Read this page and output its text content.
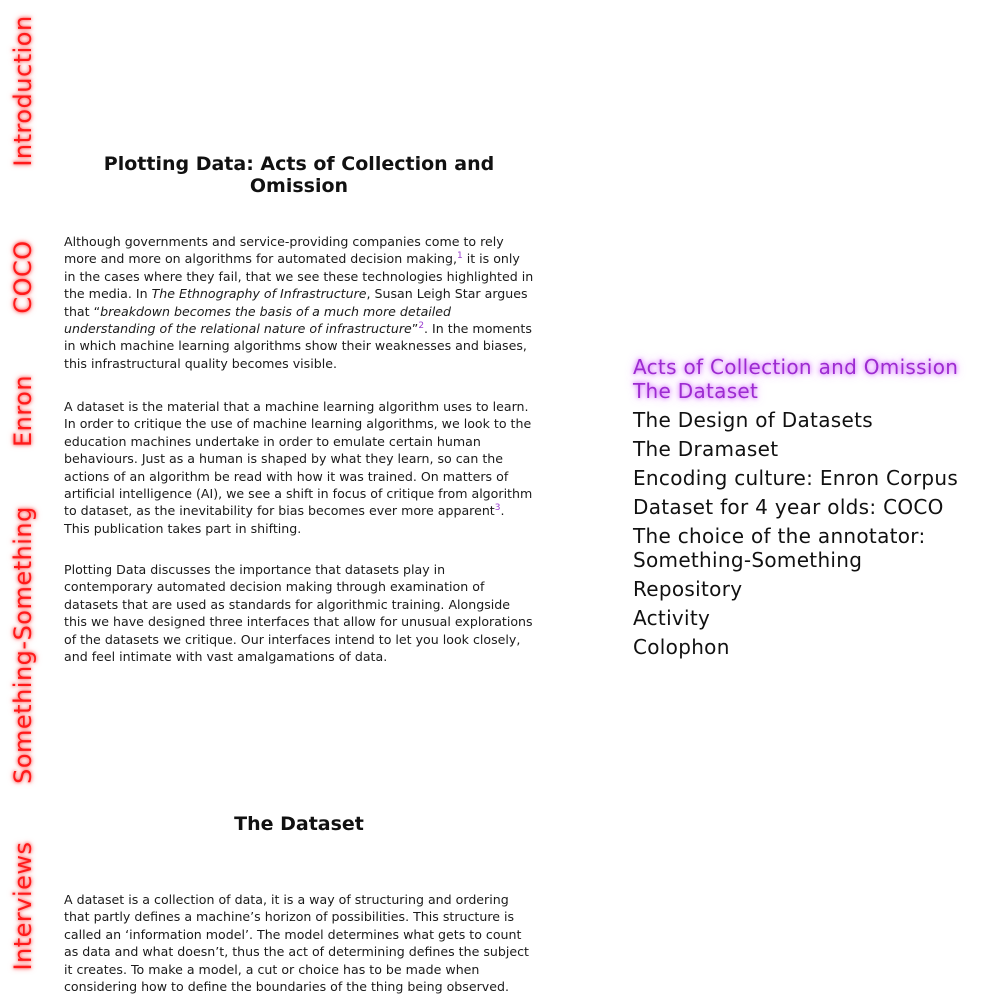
Introduction
COCO
Enron
Something-Something
Interviews
Plotting Data: Acts of Collection and Omission

Although governments and service-providing companies come to rely more and more on algorithms for automated decision making,$^1$ it is only in the cases where they fail, that we see these technologies highlighted in the media. In The Ethnography of Infrastructure, Susan Leigh Star argues that “breakdown becomes the basis of a much more detailed understanding of the relational nature of infrastructure”$^2$. In the moments in which machine learning algorithms show their weaknesses and biases, this infrastructural quality becomes visible.

A dataset is the material that a machine learning algorithm uses to learn. In order to critique the use of machine learning algorithms, we look to the education machines undertake in order to emulate certain human behaviours. Just as a human is shaped by what they learn, so can the actions of an algorithm be read with how it was trained. On matters of artificial intelligence (AI), we see a shift in focus of critique from algorithm to dataset, as the inevitability for bias becomes ever more apparent$^3$. This publication takes part in shifting.

Plotting Data discusses the importance that datasets play in contemporary automated decision making through examination of datasets that are used as standards for algorithmic training. Alongside this we have designed three interfaces that allow for unusual explorations of the datasets we critique. Our interfaces intend to let you look closely, and feel intimate with vast amalgamations of data.

The Dataset

A dataset is a collection of data, it is a way of structuring and ordering that partly defines a machine’s horizon of possibilities. This structure is called an ‘information model’. The model determines what gets to count as data and what doesn’t, thus the act of determining defines the subject it creates. To make a model, a cut or choice has to be made when considering how to define the boundaries of the thing being observed.

Acts of Collection and Omission
The Dataset
The Design of Datasets
The Dramaset
Encoding culture: Enron Corpus
Dataset for 4 year olds: COCO
The choice of the annotator: Something-Something
Repository
Activity
Colophon
